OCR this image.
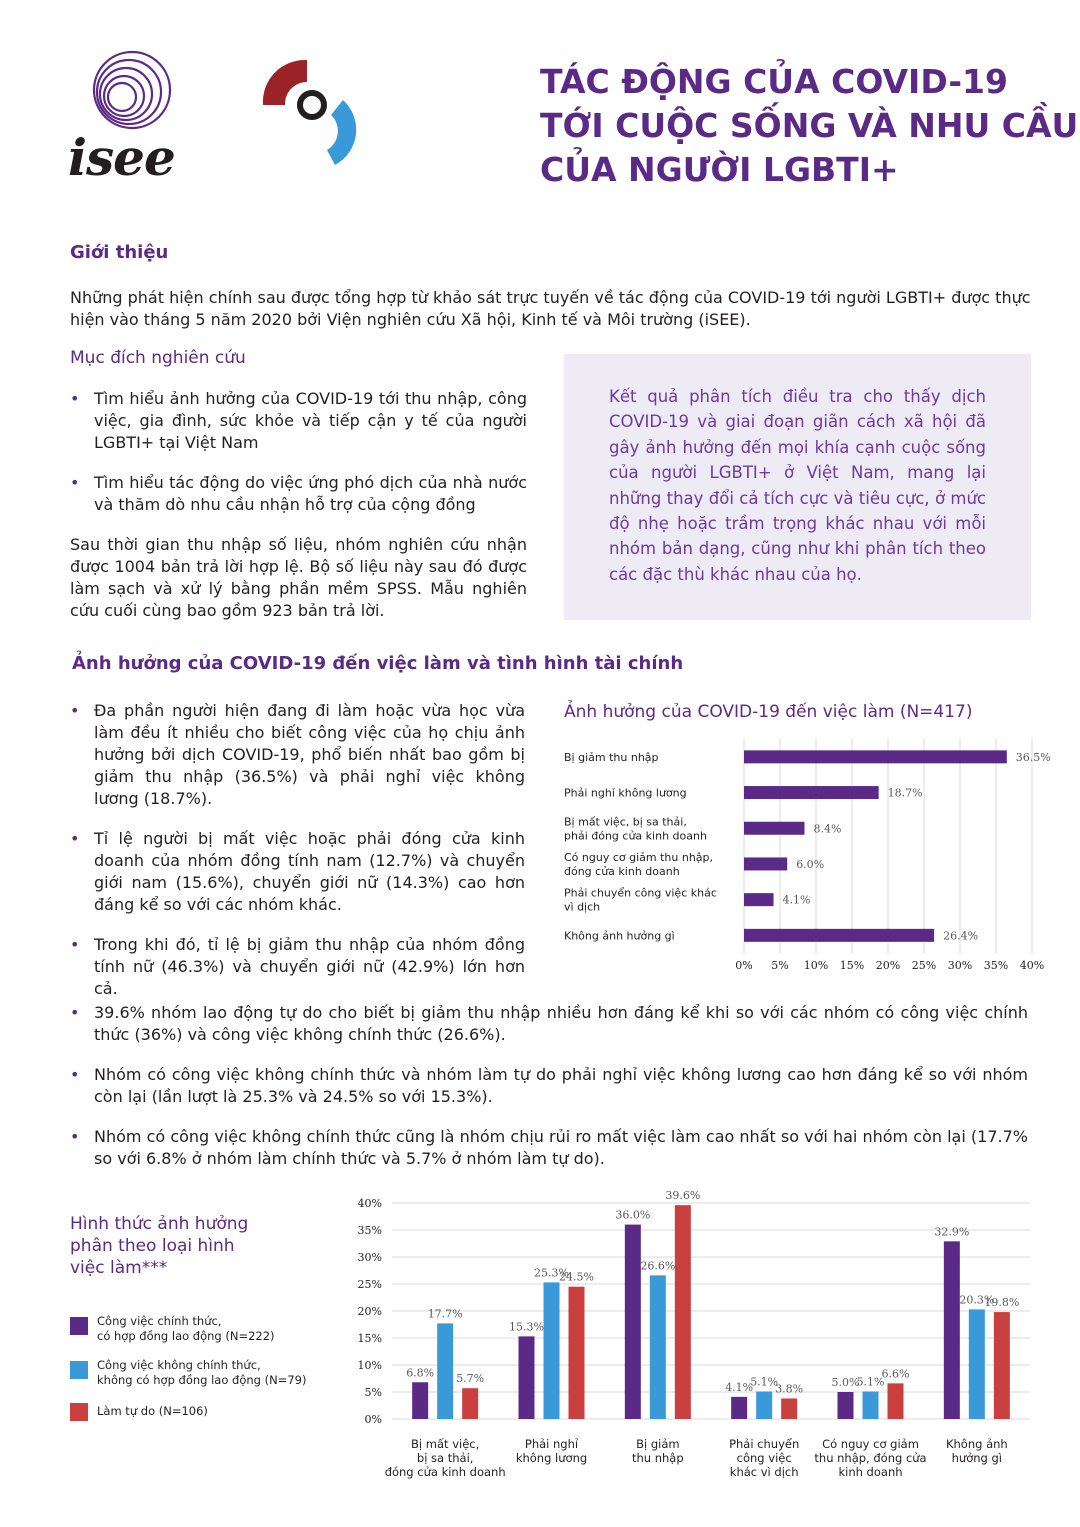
isee
TÁC ĐỘNG CỦA COVID-19
TỚI CUỘC SỐNG VÀ NHU CẦU
CỦA NGƯỜI LGBTI+
Giới thiệu
Những phát hiện chính sau được tổng hợp từ khảo sát trực tuyến về tác động của COVID-19 tới người LGBTI+ được thực hiện vào tháng 5 năm 2020 bởi Viện nghiên cứu Xã hội, Kinh tế và Môi trường (iSEE).
Mục đích nghiên cứu
• Tìm hiểu ảnh hưởng của COVID-19 tới thu nhập, công việc, gia đình, sức khỏe và tiếp cận y tế của người LGBTI+ tại Việt Nam
• Tìm hiểu tác động do việc ứng phó dịch của nhà nước và thăm dò nhu cầu nhận hỗ trợ của cộng đồng
Sau thời gian thu nhập số liệu, nhóm nghiên cứu nhận được 1004 bản trả lời hợp lệ. Bộ số liệu này sau đó được làm sạch và xử lý bằng phần mềm SPSS. Mẫu nghiên cứu cuối cùng bao gồm 923 bản trả lời.
Kết quả phân tích điều tra cho thấy dịch COVID-19 và giai đoạn giãn cách xã hội đã gây ảnh hưởng đến mọi khía cạnh cuộc sống của người LGBTI+ ở Việt Nam, mang lại những thay đổi cả tích cực và tiêu cực, ở mức độ nhẹ hoặc trầm trọng khác nhau với mỗi nhóm bản dạng, cũng như khi phân tích theo các đặc thù khác nhau của họ.
Ảnh hưởng của COVID-19 đến việc làm và tình hình tài chính
• Đa phần người hiện đang đi làm hoặc vừa học vừa làm đều ít nhiều cho biết công việc của họ chịu ảnh hưởng bởi dịch COVID-19, phổ biến nhất bao gồm bị giảm thu nhập (36.5%) và phải nghỉ việc không lương (18.7%).
• Tỉ lệ người bị mất việc hoặc phải đóng cửa kinh doanh của nhóm đồng tính nam (12.7%) và chuyển giới nam (15.6%), chuyển giới nữ (14.3%) cao hơn đáng kể so với các nhóm khác.
• Trong khi đó, tỉ lệ bị giảm thu nhập của nhóm đồng tính nữ (46.3%) và chuyển giới nữ (42.9%) lớn hơn cả.
Ảnh hưởng của COVID-19 đến việc làm (N=417)
0% 5% 10% 15% 20% 25% 30% 35% 40%
36.5%
Bị giảm thu nhập
18.7%
Phải nghỉ không lương
8.4%
Bị mất việc, bị sa thải,
phải đóng cửa kinh doanh
6.0%
Có nguy cơ giảm thu nhập,
đóng cửa kinh doanh
4.1%
Phải chuyển công việc khác
vì dịch
26.4%
Không ảnh hưởng gì
• 39.6% nhóm lao động tự do cho biết bị giảm thu nhập nhiều hơn đáng kể khi so với các nhóm có công việc chính thức (36%) và công việc không chính thức (26.6%).
• Nhóm có công việc không chính thức và nhóm làm tự do phải nghỉ việc không lương cao hơn đáng kể so với nhóm còn lại (lần lượt là 25.3% và 24.5% so với 15.3%).
• Nhóm có công việc không chính thức cũng là nhóm chịu rủi ro mất việc làm cao nhất so với hai nhóm còn lại (17.7% so với 6.8% ở nhóm làm chính thức và 5.7% ở nhóm làm tự do).
Hình thức ảnh hưởng phân theo loại hình việc làm***
Công việc chính thức,
có hợp đồng lao động (N=222)
Công việc không chính thức,
không có hợp đồng lao động (N=79)
Làm tự do (N=106)
0%
5%
10%
15%
20%
25%
30%
35%
40%
6.8%
17.7%
5.7%
Bị mất việc,
bị sa thải,
đóng cửa kinh doanh
15.3%
25.3%
24.5%
Phải nghỉ
không lương
36.0%
26.6%
39.6%
Bị giảm
thu nhập
4.1%
5.1%
3.8%
Phải chuyển
công việc
khác vì dịch
5.0%
5.1%
6.6%
Có nguy cơ giảm
thu nhập, đóng cửa
kinh doanh
32.9%
20.3%
19.8%
Không ảnh
hưởng gì
